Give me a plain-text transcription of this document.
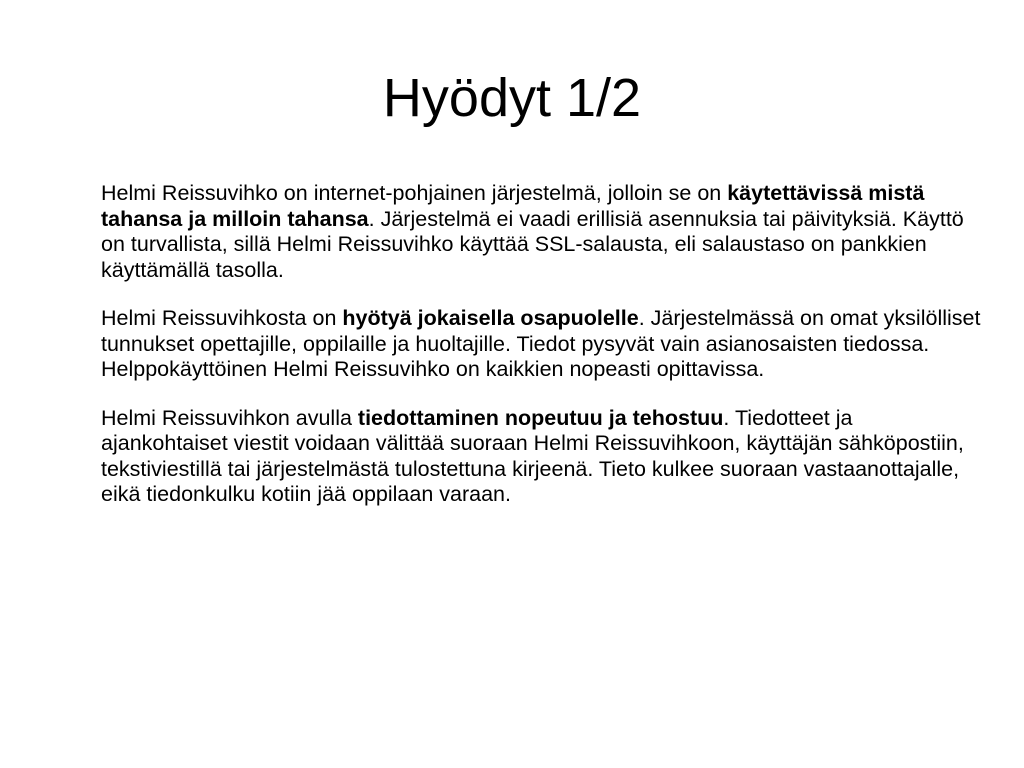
Hyödyt 1/2

Helmi Reissuvihko on internet-pohjainen järjestelmä, jolloin se on käytettävissä mistä tahansa ja milloin tahansa. Järjestelmä ei vaadi erillisiä asennuksia tai päivityksiä. Käyttö on turvallista, sillä Helmi Reissuvihko käyttää SSL-salausta, eli salaustaso on pankkien käyttämällä tasolla.

Helmi Reissuvihkosta on hyötyä jokaisella osapuolelle. Järjestelmässä on omat yksilölliset tunnukset opettajille, oppilaille ja huoltajille. Tiedot pysyvät vain asianosaisten tiedossa. Helppokäyttöinen Helmi Reissuvihko on kaikkien nopeasti opittavissa.

Helmi Reissuvihkon avulla tiedottaminen nopeutuu ja tehostuu. Tiedotteet ja ajankohtaiset viestit voidaan välittää suoraan Helmi Reissuvihkoon, käyttäjän sähköpostiin, tekstiviestillä tai järjestelmästä tulostettuna kirjeenä. Tieto kulkee suoraan vastaanottajalle, eikä tiedonkulku kotiin jää oppilaan varaan.
